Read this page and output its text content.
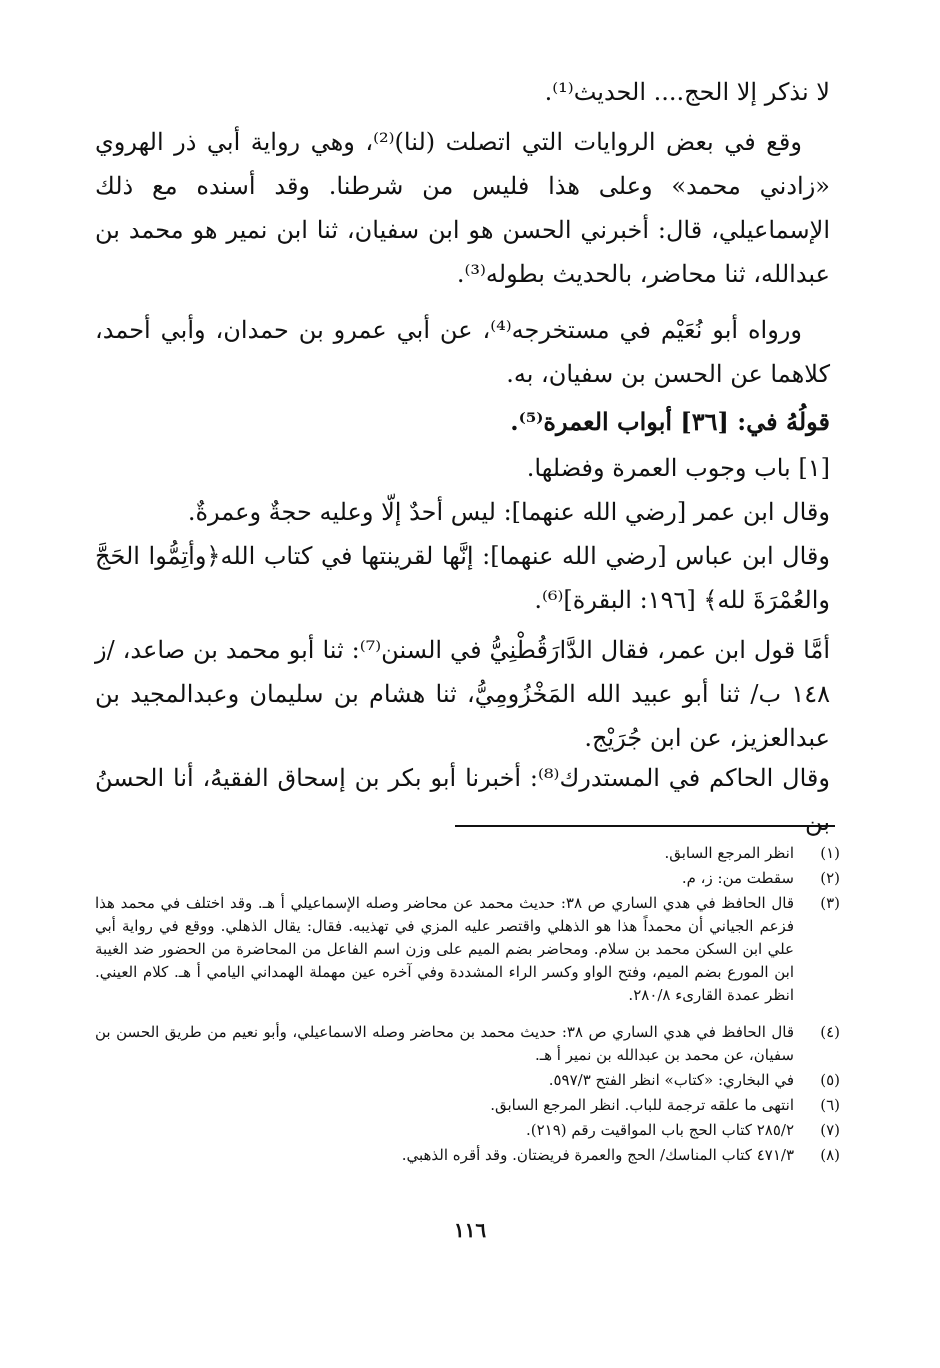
لا نذكر إلا الحج.... الحديث⁽¹⁾.

وقع في بعض الروايات التي اتصلت (لنا)⁽²⁾، وهي رواية أبي ذر الهروي «زادني محمد» وعلى هذا فليس من شرطنا. وقد أسنده مع ذلك الإسماعيلي، قال: أخبرني الحسن هو ابن سفيان، ثنا ابن نمير هو محمد بن عبدالله، ثنا محاضر، بالحديث بطوله⁽³⁾.

ورواه أبو نُعَيْم في مستخرجه⁽⁴⁾، عن أبي عمرو بن حمدان، وأبي أحمد، كلاهما عن الحسن بن سفيان، به.

قولُهُ في: [٣٦] أبواب العمرة⁽⁵⁾.

[١] باب وجوب العمرة وفضلها.

وقال ابن عمر [رضي الله عنهما]: ليس أحدٌ إلّا وعليه حجةٌ وعمرةٌ.

وقال ابن عباس [رضي الله عنهما]: إنَّها لقرينتها في كتاب الله﴿وأتِمُّوا الحَجَّ والعُمْرَةَ لله﴾ [١٩٦: البقرة]⁽⁶⁾.

أمَّا قول ابن عمر، فقال الدَّارَقُطْنِيُّ في السنن⁽⁷⁾: ثنا أبو محمد بن صاعد، /ز ١٤٨ ب/ ثنا أبو عبيد الله المَخْزُومِيُّ، ثنا هشام بن سليمان وعبدالمجيد بن عبدالعزيز، عن ابن جُرَيْج.

وقال الحاكم في المستدرك⁽⁸⁾: أخبرنا أبو بكر بن إسحاق الفقيهُ، أنا الحسنُ بن

(١)
انظر المرجع السابق.
(٢)
سقطت من: ز، م.
(٣)
قال الحافظ في هدي الساري ص ٣٨: حديث محمد عن محاضر وصله الإسماعيلي أ هـ. وقد اختلف في محمد هذا فزعم الجياني أن محمداً هذا هو الذهلي واقتصر عليه المزي في تهذيبه. فقال: يقال الذهلي. ووقع في رواية أبي علي ابن السكن محمد بن سلام. ومحاضر بضم الميم على وزن اسم الفاعل من المحاضرة من الحضور ضد الغيبة ابن المورع بضم الميم، وفتح الواو وكسر الراء المشددة وفي آخره عين مهملة الهمداني اليامي أ هـ. كلام العيني. انظر عمدة القارىء ٢٨٠/٨.
(٤)
قال الحافظ في هدي الساري ص ٣٨: حديث محمد بن محاضر وصله الاسماعيلي، وأبو نعيم من طريق الحسن بن سفيان، عن محمد بن عبدالله بن نمير أ هـ.
(٥)
في البخاري: «كتاب» انظر الفتح ٥٩٧/٣.
(٦)
انتهى ما علقه ترجمة للباب. انظر المرجع السابق.
(٧)
٢٨٥/٢ كتاب الحج باب المواقيت رقم (٢١٩).
(٨)
٤٧١/٣ كتاب المناسك/ الحج والعمرة فريضتان. وقد أقره الذهبي.
١١٦
